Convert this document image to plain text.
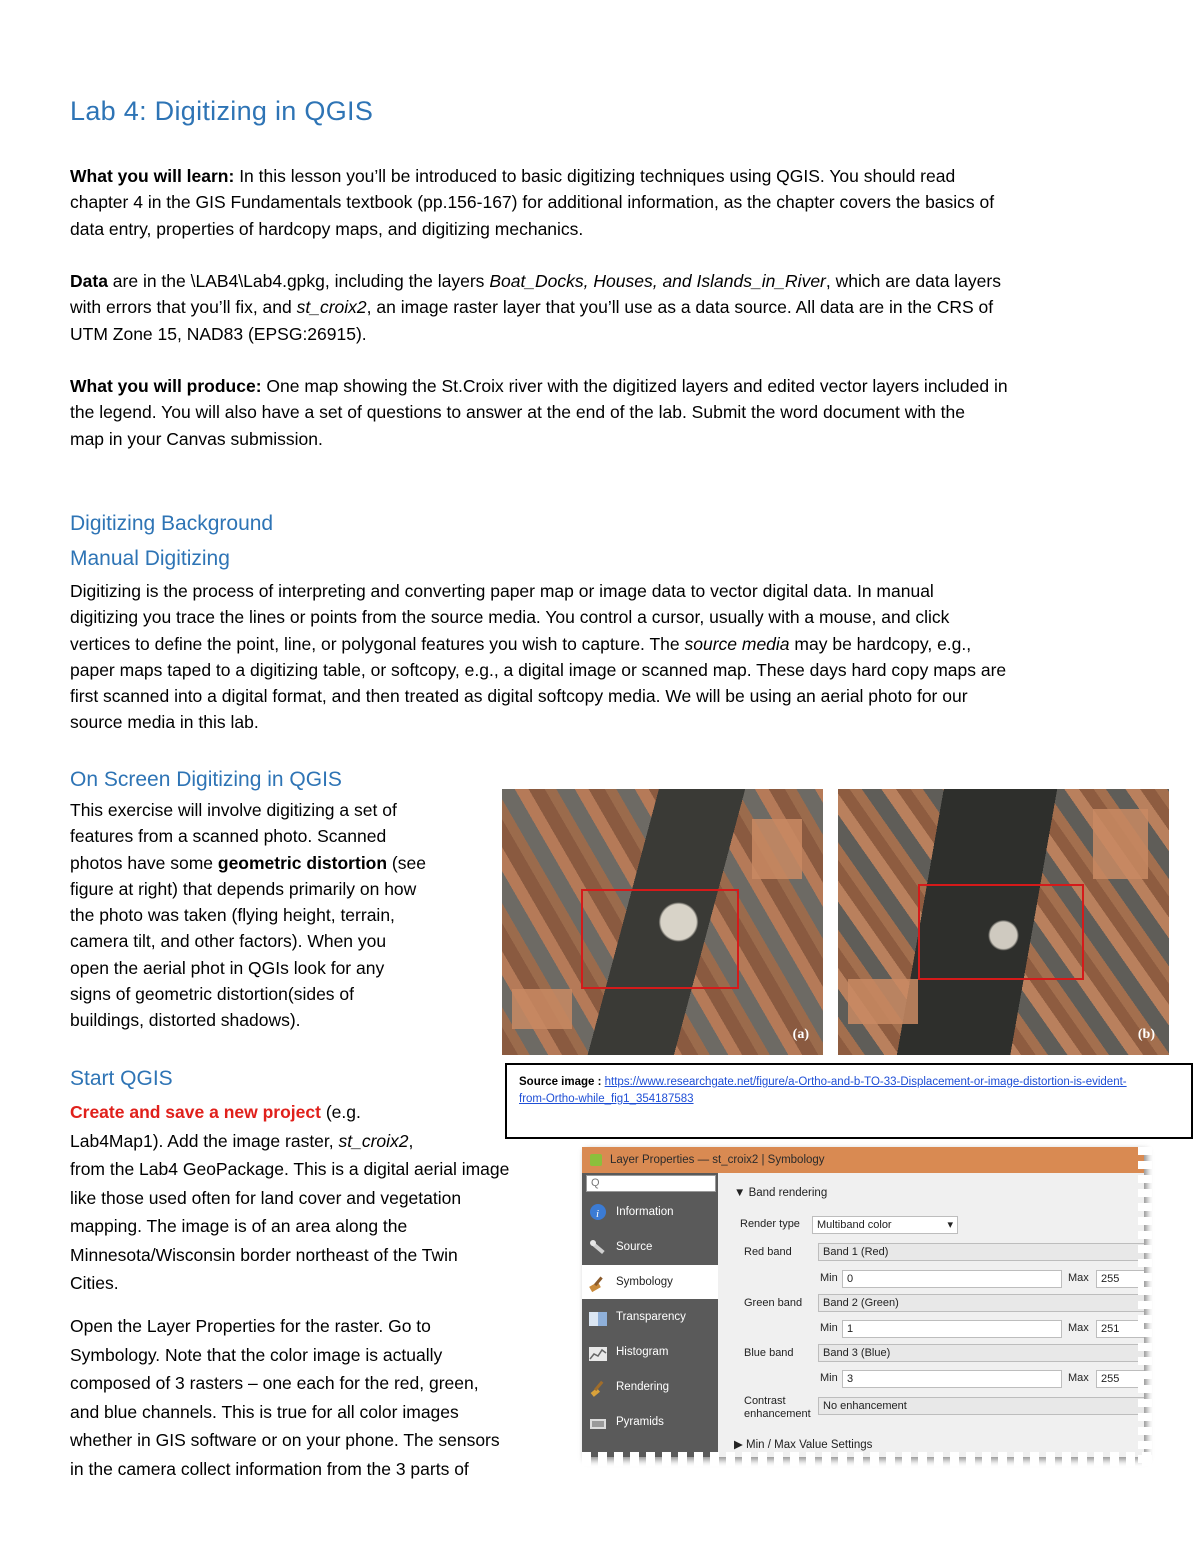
Lab 4: Digitizing in QGIS
What you will learn: In this lesson you’ll be introduced to basic digitizing techniques using QGIS. You should read
chapter 4 in the GIS Fundamentals textbook (pp.156-167) for additional information, as the chapter covers the basics of
data entry, properties of hardcopy maps, and digitizing mechanics.
Data are in the \LAB4\Lab4.gpkg, including the layers Boat_Docks, Houses, and Islands_in_River, which are data layers
with errors that you’ll fix, and st_croix2, an image raster layer that you’ll use as a data source. All data are in the CRS of
UTM Zone 15, NAD83 (EPSG:26915).
What you will produce: One map showing the St.Croix river with the digitized layers and edited vector layers included in
the legend. You will also have a set of questions to answer at the end of the lab. Submit the word document with the
map in your Canvas submission.
Digitizing Background
Manual Digitizing
Digitizing is the process of interpreting and converting paper map or image data to vector digital data. In manual
digitizing you trace the lines or points from the source media. You control a cursor, usually with a mouse, and click
vertices to define the point, line, or polygonal features you wish to capture. The source media may be hardcopy, e.g.,
paper maps taped to a digitizing table, or softcopy, e.g., a digital image or scanned map. These days hard copy maps are
first scanned into a digital format, and then treated as digital softcopy media. We will be using an aerial photo for our
source media in this lab.
On Screen Digitizing in QGIS
This exercise will involve digitizing a set of
features from a scanned photo. Scanned
photos have some geometric distortion (see
figure at right) that depends primarily on how
the photo was taken (flying height, terrain,
camera tilt, and other factors). When you
open the aerial phot in QGIs look for any
signs of geometric distortion(sides of
buildings, distorted shadows).
(a)	(b)
Source image : https://www.researchgate.net/figure/a-Ortho-and-b-TO-33-Displacement-or-image-distortion-is-evident-
from-Ortho-while_fig1_354187583
Start QGIS
Create and save a new project (e.g.
Lab4Map1). Add the image raster, st_croix2,
from the Lab4 GeoPackage. This is a digital aerial image
like those used often for land cover and vegetation
mapping. The image is of an area along the
Minnesota/Wisconsin border northeast of the Twin
Cities.
Open the Layer Properties for the raster. Go to
Symbology. Note that the color image is actually
composed of 3 rasters – one each for the red, green,
and blue channels. This is true for all color images
whether in GIS software or on your phone. The sensors
in the camera collect information from the 3 parts of
Layer Properties — st_croix2 | Symbology
Q
i Information
Source
Symbology
Transparency
Histogram
Rendering
Pyramids
▼ Band rendering
Render type	Multiband color ▾
Red band	Band 1 (Red)
Min 0	Max	255
Green band	Band 2 (Green)
Min 1	Max	251
Blue band	Band 3 (Blue)
Min 3	Max	255
Contrast enhancement
No enhancement
▶ Min / Max Value Settings
